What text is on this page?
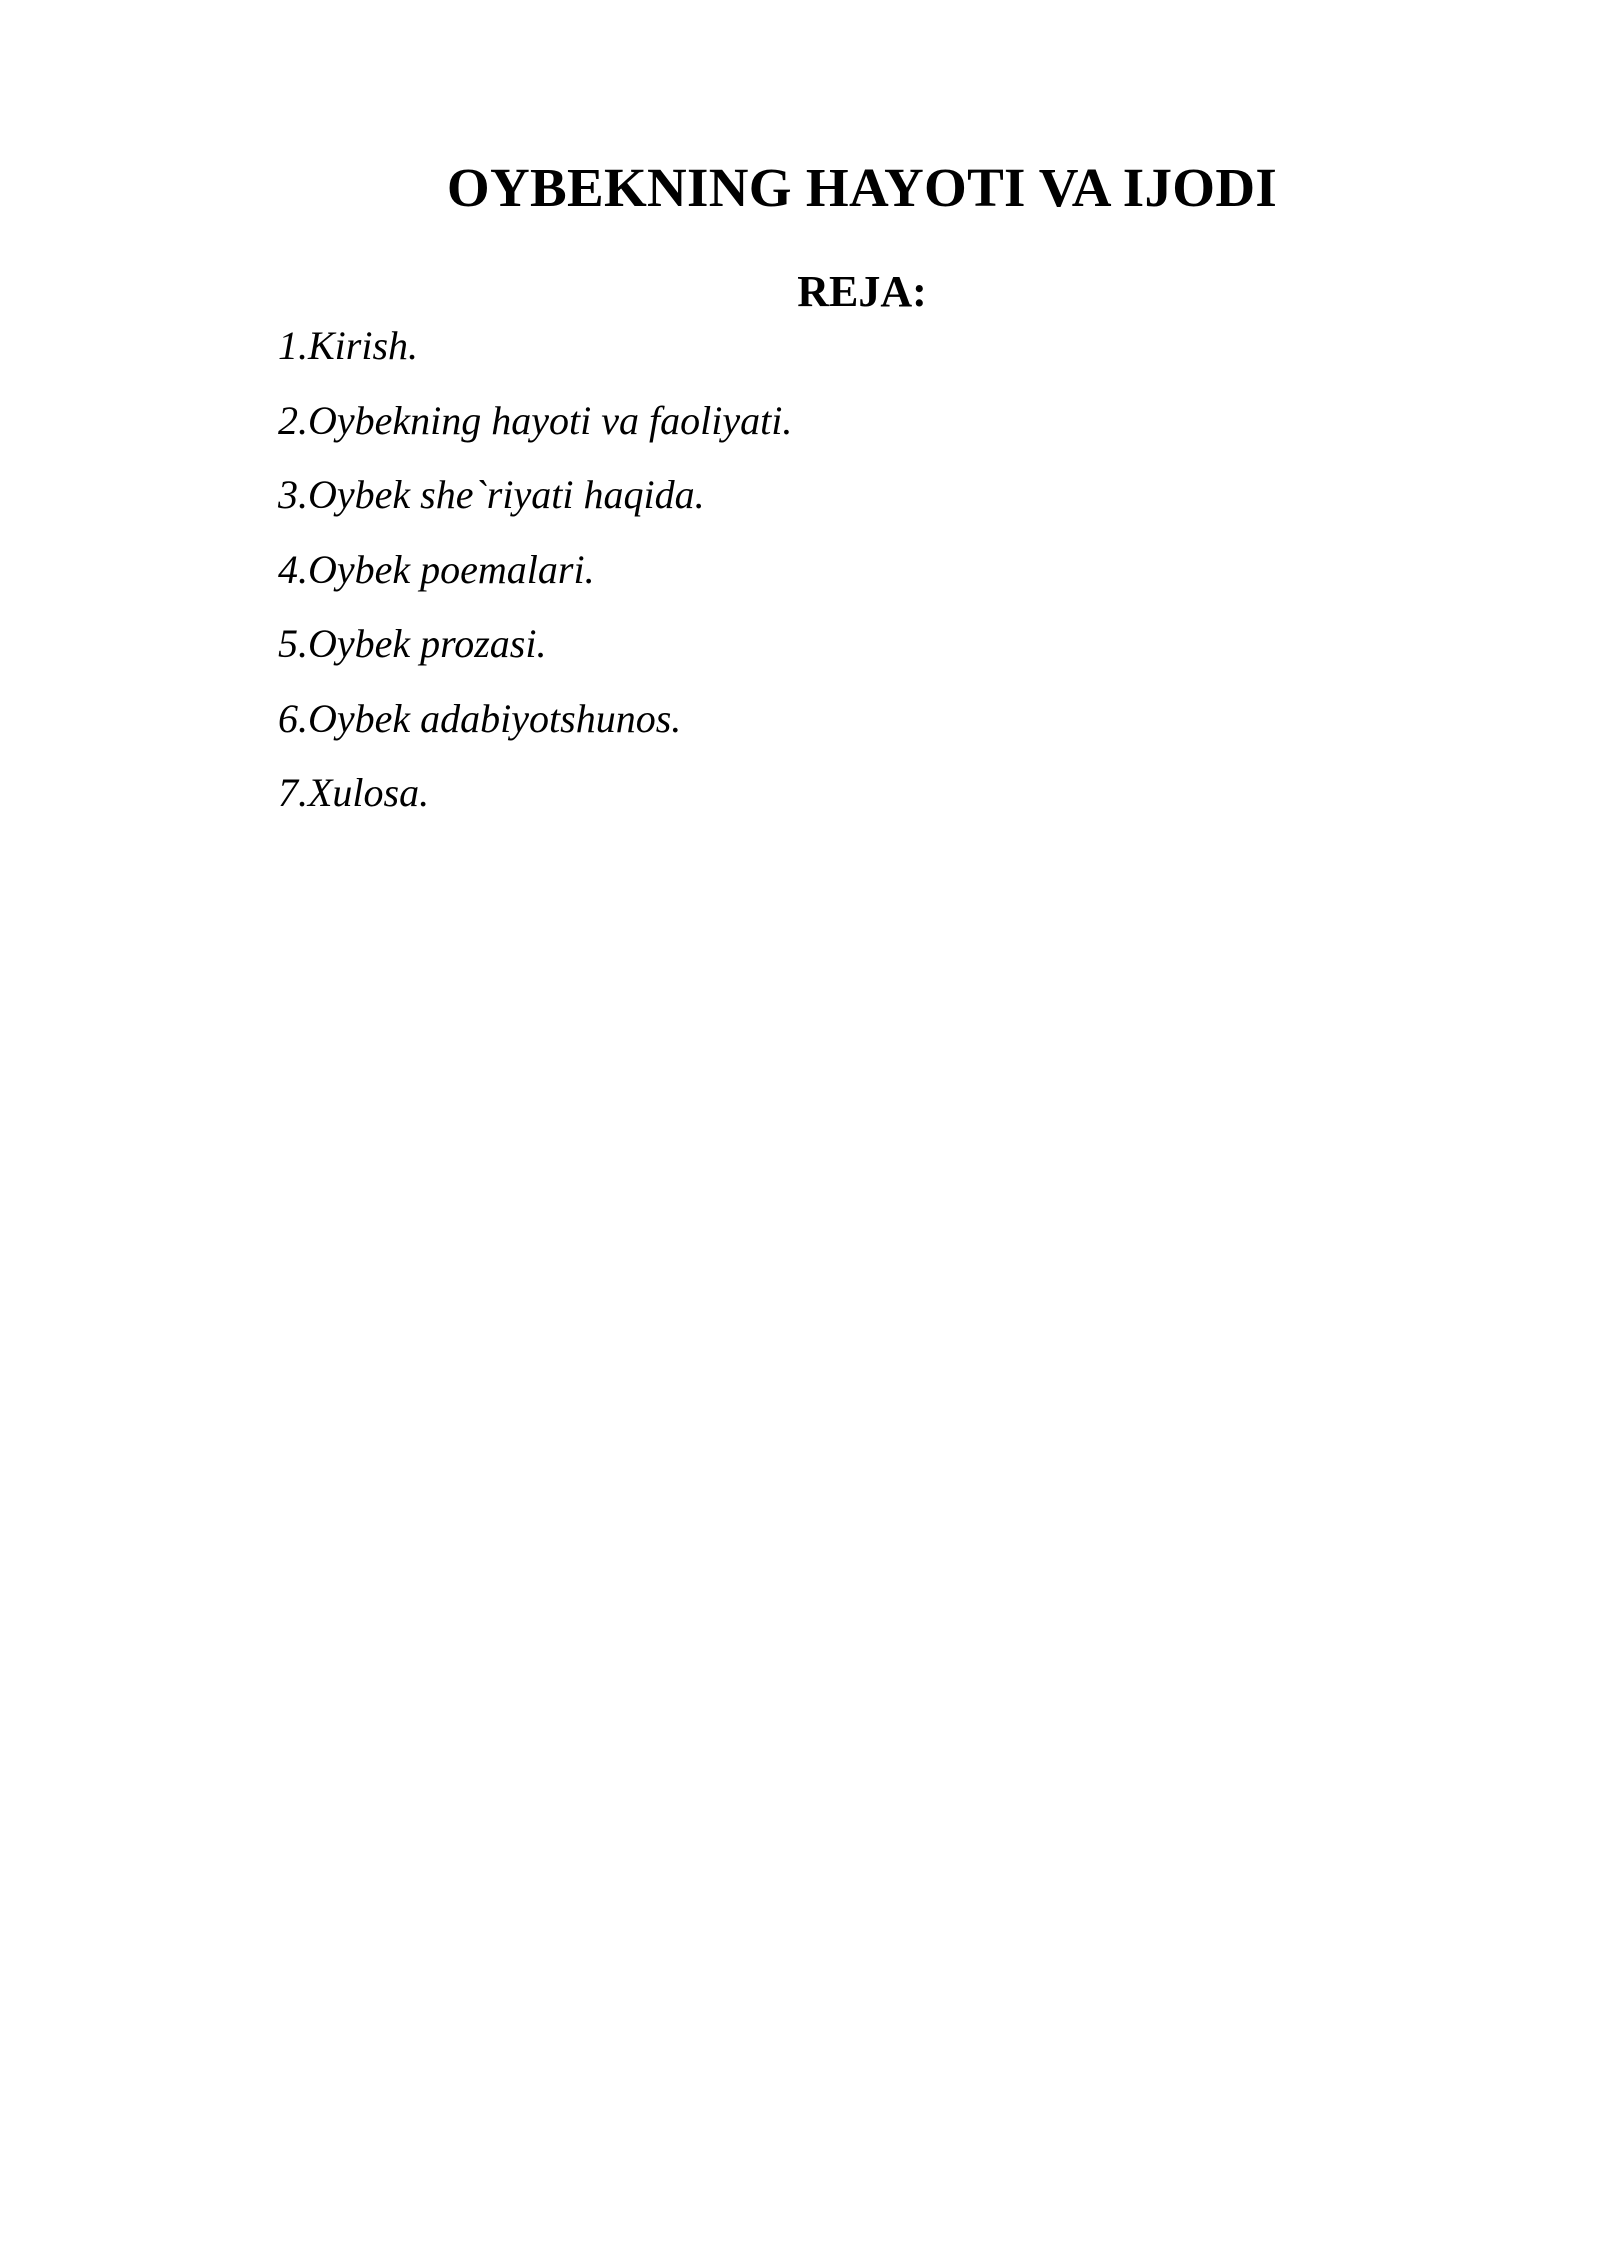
OYBEKNING HAYOTI VA IJODI
REJA:
1.Kirish.
2.Oybekning hayoti va faoliyati.
3.Oybek she`riyati haqida.
4.Oybek poemalari.
5.Oybek prozasi.
6.Oybek adabiyotshunos.
7.Xulosa.
